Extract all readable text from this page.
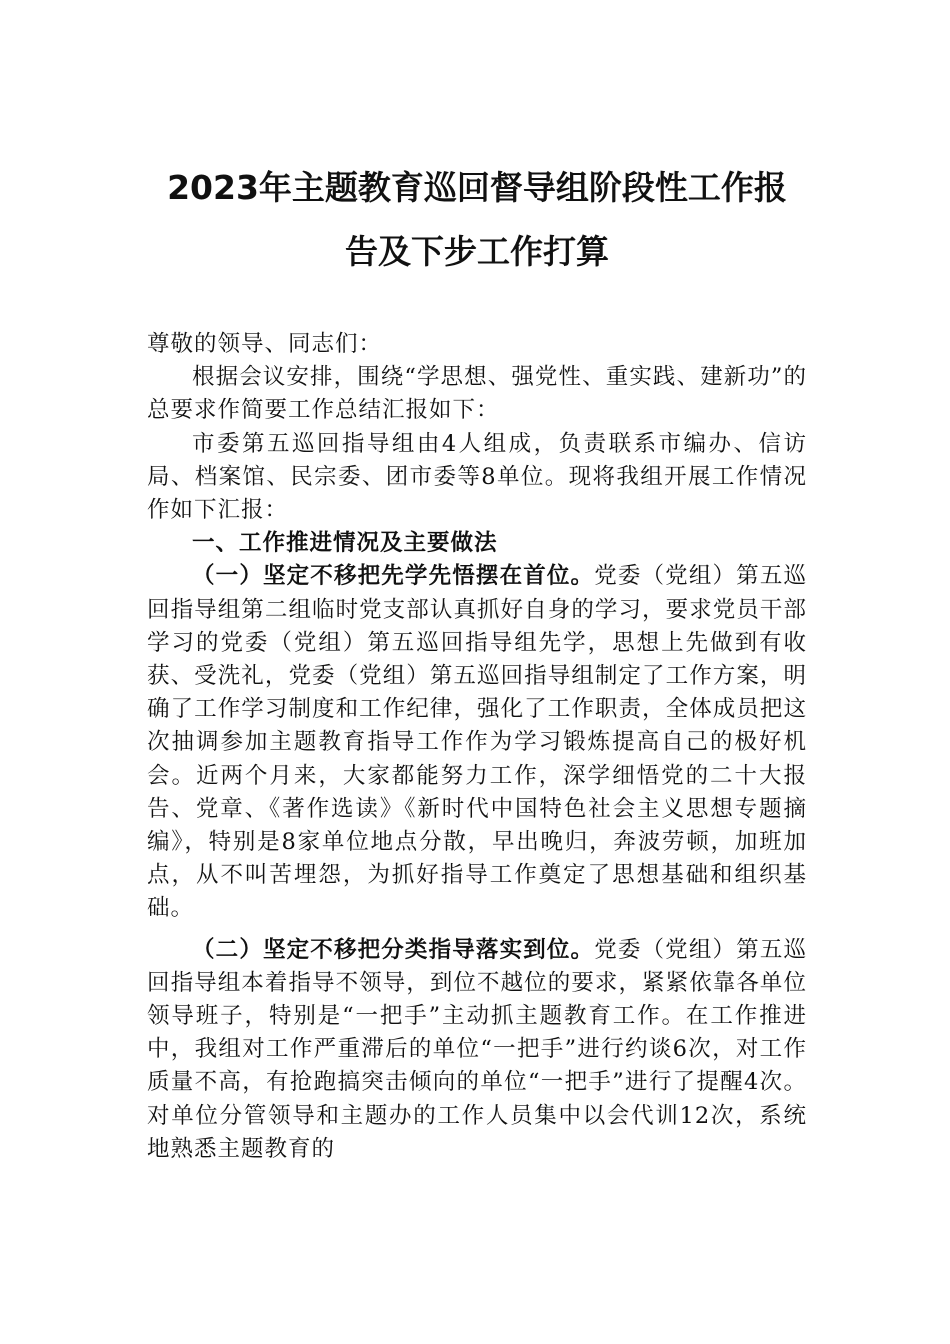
2023年主题教育巡回督导组阶段性工作报
告及下步工作打算

尊敬的领导、同志们：

根据会议安排，围绕“学思想、强党性、重实践、建新功”的总要求作简要工作总结汇报如下：

市委第五巡回指导组由4人组成，负责联系市编办、信访局、档案馆、民宗委、团市委等8单位。现将我组开展工作情况作如下汇报：

一、工作推进情况及主要做法

（一）坚定不移把先学先悟摆在首位。党委（党组）第五巡回指导组第二组临时党支部认真抓好自身的学习，要求党员干部学习的党委（党组）第五巡回指导组先学，思想上先做到有收获、受洗礼，党委（党组）第五巡回指导组制定了工作方案，明确了工作学习制度和工作纪律，强化了工作职责，全体成员把这次抽调参加主题教育指导工作作为学习锻炼提高自己的极好机会。近两个月来，大家都能努力工作，深学细悟党的二十大报告、党章、《著作选读》《新时代中国特色社会主义思想专题摘编》，特别是8家单位地点分散，早出晚归，奔波劳顿，加班加点，从不叫苦埋怨，为抓好指导工作奠定了思想基础和组织基础。

（二）坚定不移把分类指导落实到位。党委（党组）第五巡回指导组本着指导不领导，到位不越位的要求，紧紧依靠各单位领导班子，特别是“一把手”主动抓主题教育工作。在工作推进中，我组对工作严重滞后的单位“一把手”进行约谈6次，对工作质量不高，有抢跑搞突击倾向的单位“一把手”进行了提醒4次。对单位分管领导和主题办的工作人员集中以会代训12次，系统地熟悉主题教育的
